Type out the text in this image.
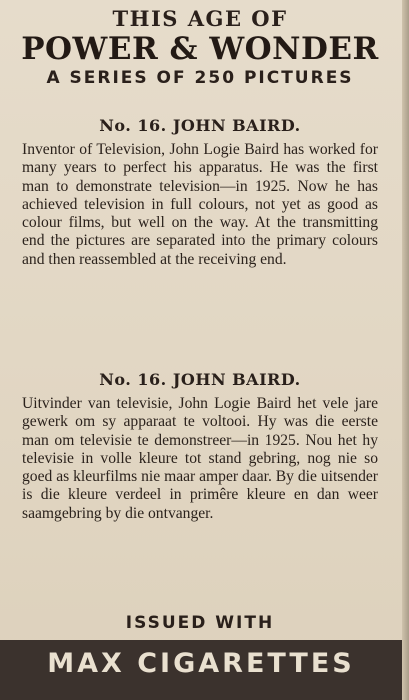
THIS AGE OF
POWER & WONDER
A SERIES OF 250 PICTURES
No. 16. JOHN BAIRD.

Inventor of Television, John Logie Baird has worked for many years to perfect his apparatus. He was the first man to demonstrate television—in 1925. Now he has achieved television in full colours, not yet as good as colour films, but well on the way. At the transmitting end the pictures are separated into the primary colours and then reassembled at the receiving end.

No. 16. JOHN BAIRD.

Uitvinder van televisie, John Logie Baird het vele jare gewerk om sy apparaat te voltooi. Hy was die eerste man om televisie te demonstreer—in 1925. Nou het hy televisie in volle kleure tot stand gebring, nog nie so goed as kleurfilms nie maar amper daar. By die uitsender is die kleure verdeel in primêre kleure en dan weer saamgebring by die ontvanger.

ISSUED WITH
MAX CIGARETTES
